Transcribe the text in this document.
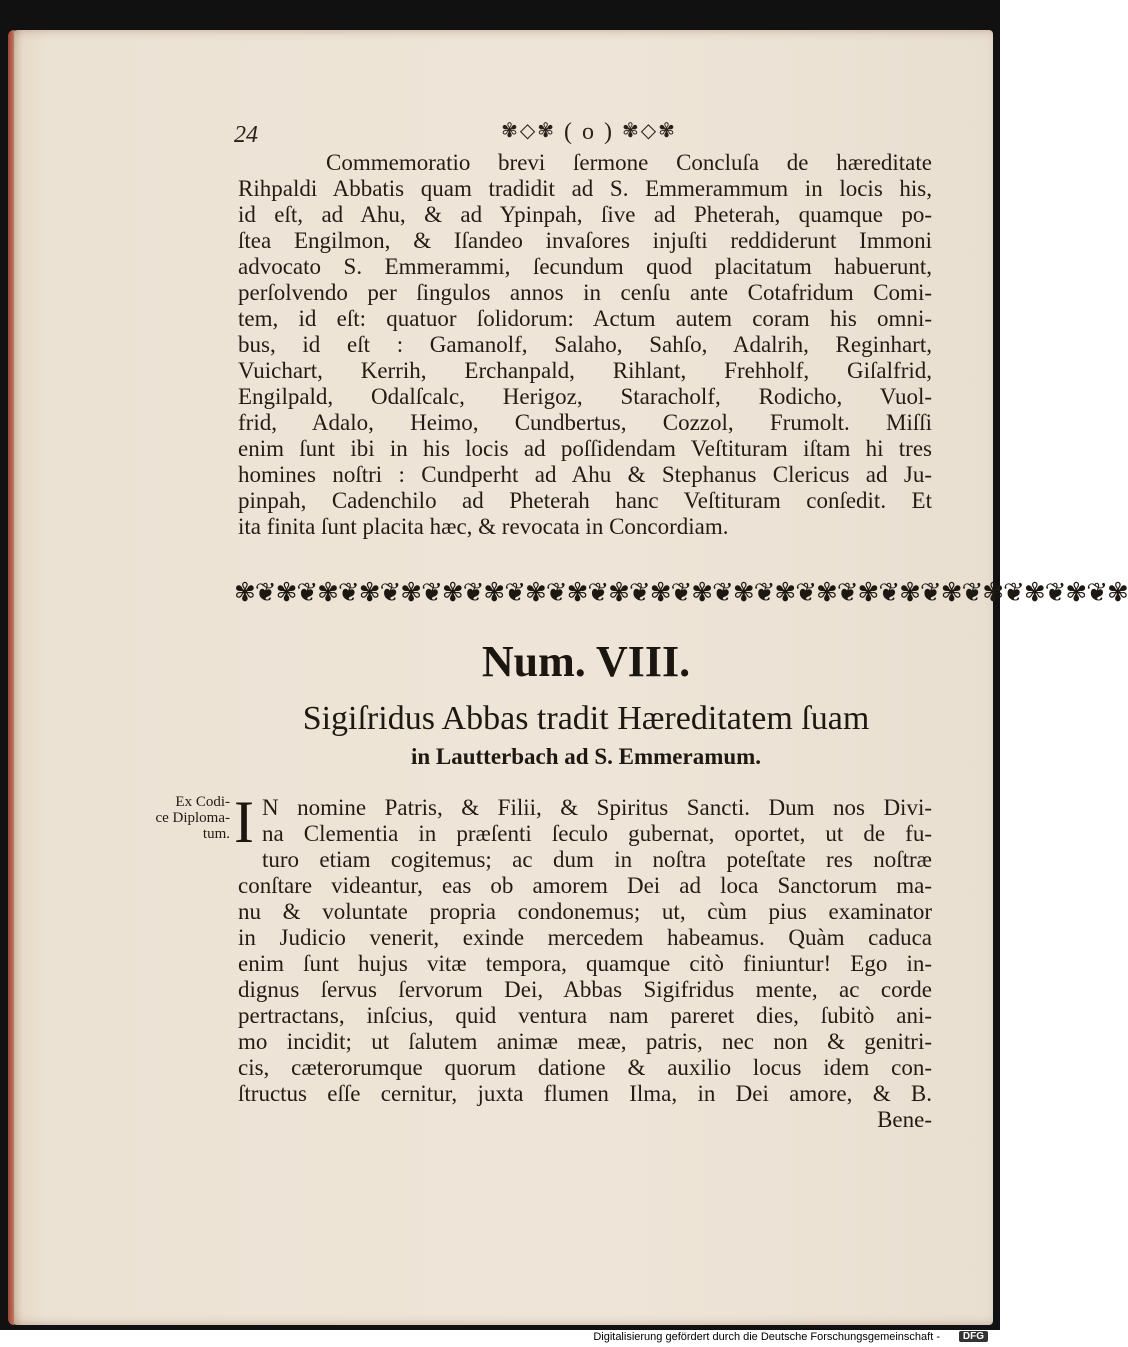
24	✾◇✾ ( o ) ✾◇✾
Commemoratio brevi ſermone Concluſa de hæreditate
Rihpaldi Abbatis quam tradidit ad S. Emmerammum in locis his,
id eſt, ad Ahu, & ad Ypinpah, ſive ad Pheterah, quamque po-
ſtea Engilmon, & Iſandeo invaſores injuſti reddiderunt Immoni
advocato S. Emmerammi, ſecundum quod placitatum habuerunt,
perſolvendo per ſingulos annos in cenſu ante Cotafridum Comi-
tem, id eſt: quatuor ſolidorum: Actum autem coram his omni-
bus, id eſt : Gamanolf, Salaho, Sahſo, Adalrih, Reginhart,
Vuichart, Kerrih, Erchanpald, Rihlant, Frehholf, Giſalfrid,
Engilpald, Odalſcalc, Herigoz, Staracholf, Rodicho, Vuol-
frid, Adalo, Heimo, Cundbertus, Cozzol, Frumolt. Miſſi
enim ſunt ibi in his locis ad poſſidendam Veſtituram iſtam hi tres
homines noſtri : Cundperht ad Ahu & Stephanus Clericus ad Ju-
pinpah, Cadenchilo ad Pheterah hanc Veſtituram conſedit. Et
ita finita ſunt placita hæc, & revocata in Concordiam.
✾❦✾❦✾❦✾❦✾❦✾❦✾❦✾❦✾❦✾❦✾❦✾❦✾❦✾❦✾❦✾❦✾❦✾❦✾❦✾❦✾❦✾
Num. VIII.
Sigiſridus Abbas tradit Hæreditatem ſuam
in Lautterbach ad S. Emmeramum.
Ex Codi-
ce Diploma-
tum. I N nomine Patris, & Filii, & Spiritus Sancti. Dum nos Divi-
na Clementia in præſenti ſeculo gubernat, oportet, ut de fu-
turo etiam cogitemus; ac dum in noſtra poteſtate res noſtræ
conſtare videantur, eas ob amorem Dei ad loca Sanctorum ma-
nu & voluntate propria condonemus; ut, cùm pius examinator
in Judicio venerit, exinde mercedem habeamus. Quàm caduca
enim ſunt hujus vitæ tempora, quamque citò finiuntur! Ego in-
dignus ſervus ſervorum Dei, Abbas Sigifridus mente, ac corde
pertractans, inſcius, quid ventura nam pareret dies, ſubitò ani-
mo incidit; ut ſalutem animæ meæ, patris, nec non & genitri-
cis, cæterorumque quorum datione & auxilio locus idem con-
ſtructus eſſe cernitur, juxta flumen Ilma, in Dei amore, & B.
Bene-
Digitalisierung gefördert durch die Deutsche Forschungsgemeinschaft -	DFG
